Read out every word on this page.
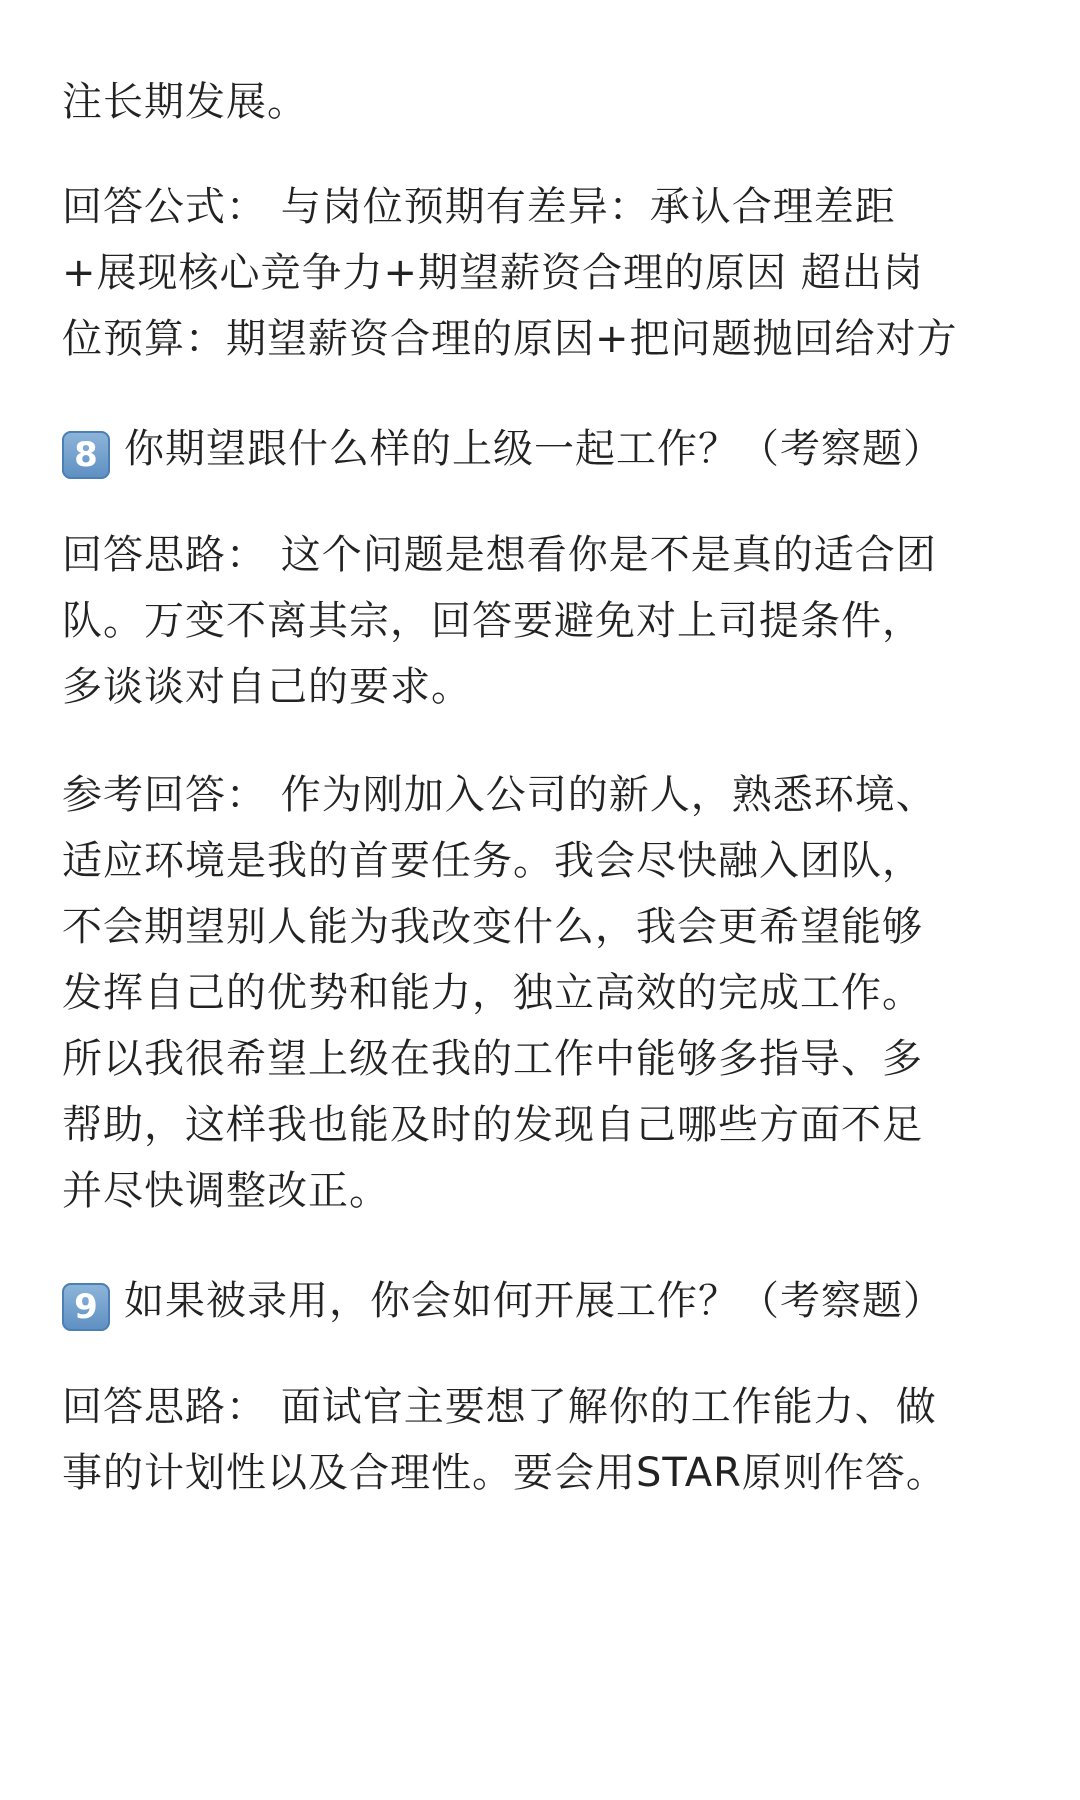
注长期发展。

回答公式： 与岗位预期有差异：承认合理差距+展现核心竞争力+期望薪资合理的原因 超出岗位预算：期望薪资合理的原因+把问题抛回给对方

8 你期望跟什么样的上级一起工作？（考察题）

回答思路： 这个问题是想看你是不是真的适合团队。万变不离其宗，回答要避免对上司提条件，多谈谈对自己的要求。

参考回答： 作为刚加入公司的新人，熟悉环境、适应环境是我的首要任务。我会尽快融入团队，不会期望别人能为我改变什么，我会更希望能够发挥自己的优势和能力，独立高效的完成工作。所以我很希望上级在我的工作中能够多指导、多帮助，这样我也能及时的发现自己哪些方面不足并尽快调整改正。

9 如果被录用，你会如何开展工作？（考察题）

回答思路： 面试官主要想了解你的工作能力、做事的计划性以及合理性。要会用STAR原则作答。
